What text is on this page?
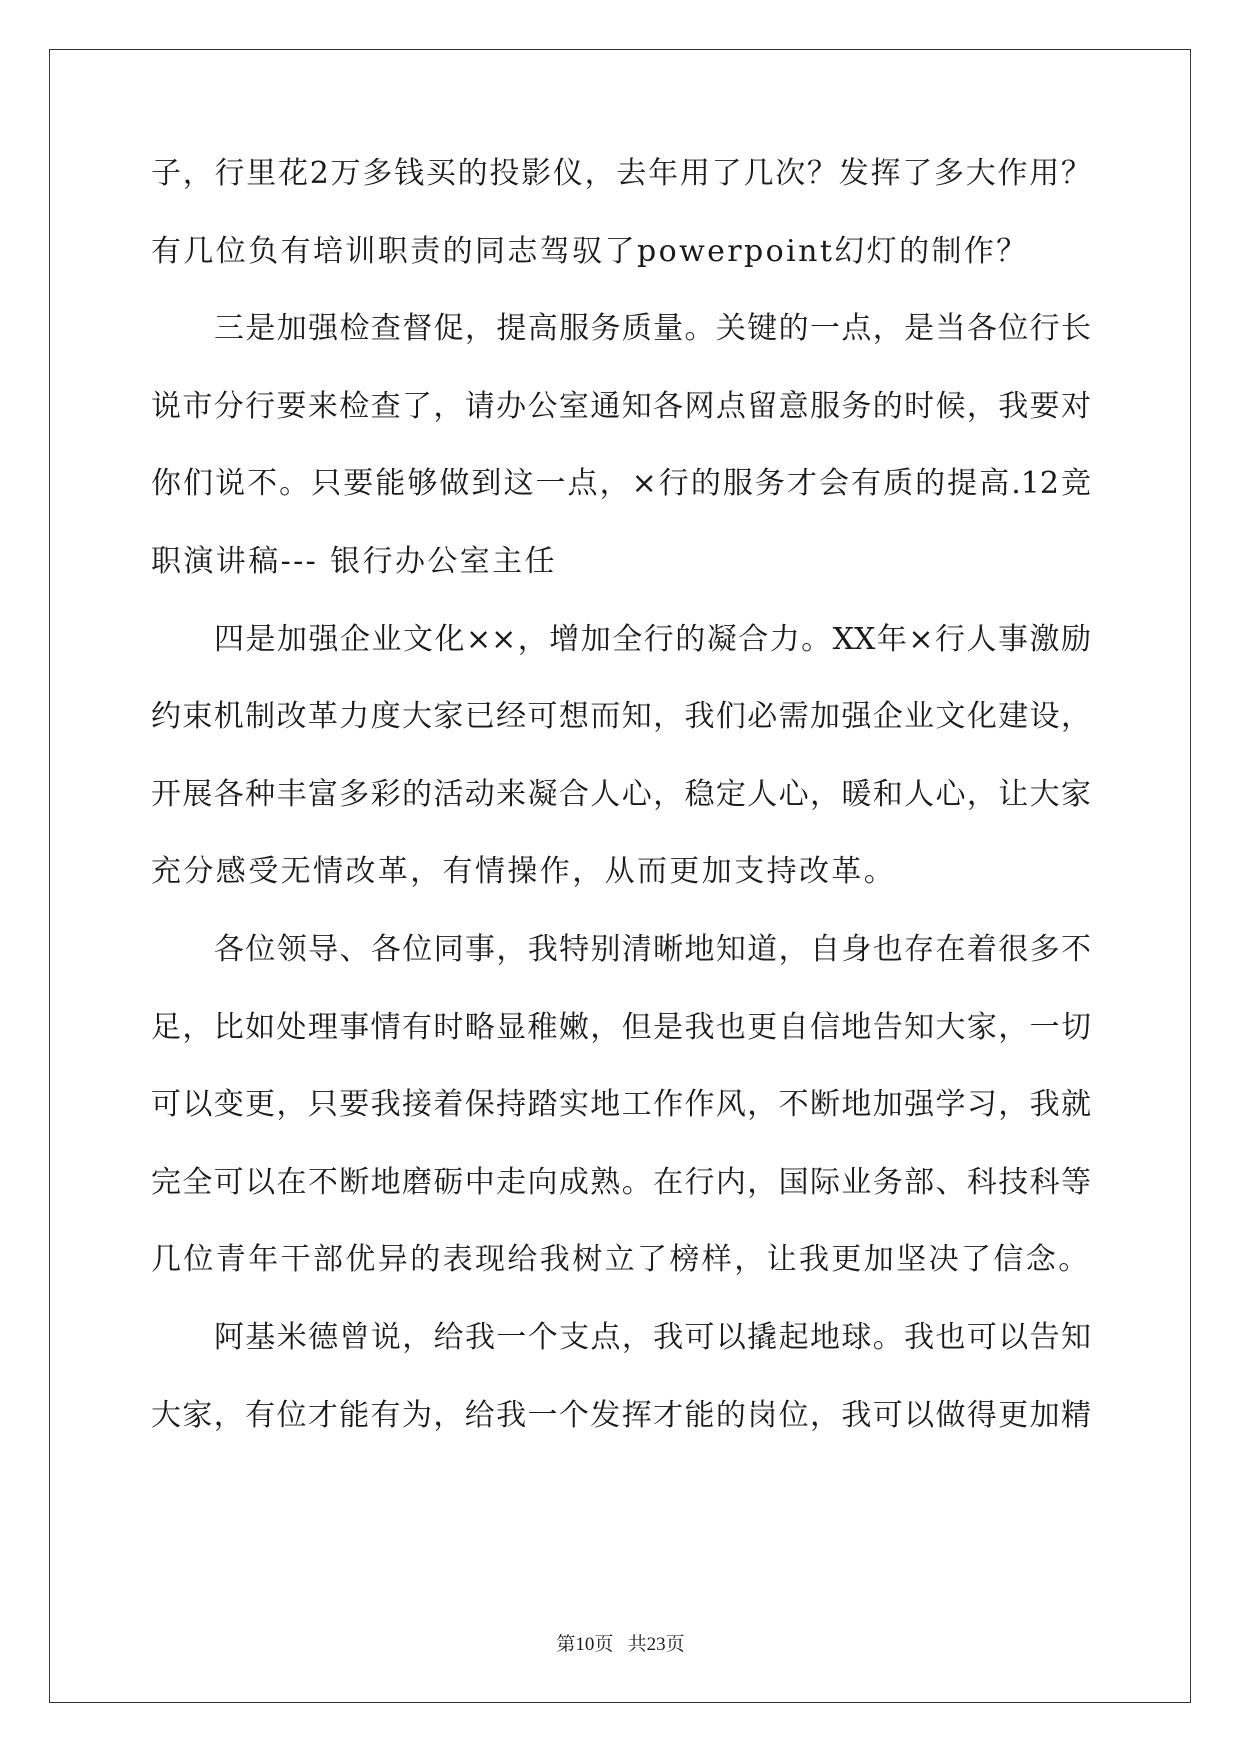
子，行里花2万多钱买的投影仪，去年用了几次？发挥了多大作用？
有几位负有培训职责的同志驾驭了powerpoint幻灯的制作？
三是加强检查督促，提高服务质量。关键的一点，是当各位行长
说市分行要来检查了，请办公室通知各网点留意服务的时候，我要对
你们说不。只要能够做到这一点，×行的服务才会有质的提高.12竞
职演讲稿--- 银行办公室主任
四是加强企业文化××，增加全行的凝合力。XX年×行人事激励
约束机制改革力度大家已经可想而知，我们必需加强企业文化建设，
开展各种丰富多彩的活动来凝合人心，稳定人心，暖和人心，让大家
充分感受无情改革，有情操作，从而更加支持改革。
各位领导、各位同事，我特别清晰地知道，自身也存在着很多不
足，比如处理事情有时略显稚嫩，但是我也更自信地告知大家，一切
可以变更，只要我接着保持踏实地工作作风，不断地加强学习，我就
完全可以在不断地磨砺中走向成熟。在行内，国际业务部、科技科等
几位青年干部优异的表现给我树立了榜样，让我更加坚决了信念。
阿基米德曾说，给我一个支点，我可以撬起地球。我也可以告知
大家，有位才能有为，给我一个发挥才能的岗位，我可以做得更加精
第10页 共23页
